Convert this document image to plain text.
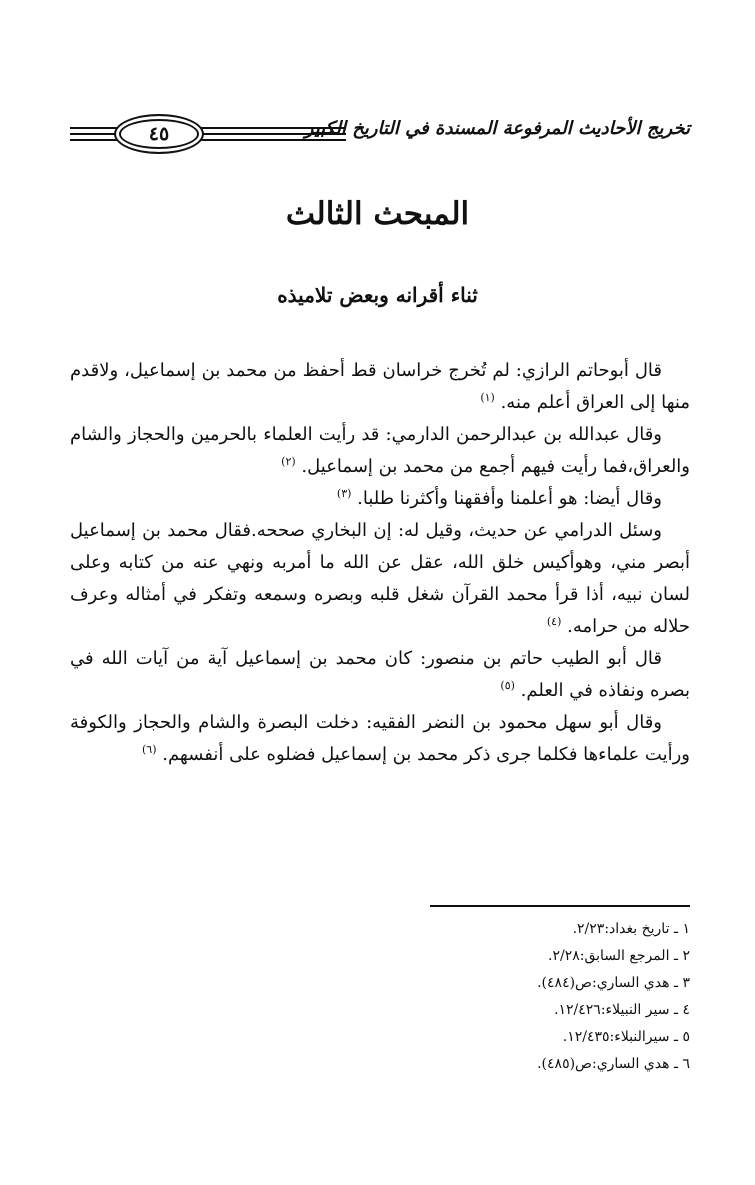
٤٥	تخريج الأحاديث المرفوعة المسندة في التاريخ الكبير
المبحث الثالث
ثناء أقرانه وبعض تلاميذه

قال أبوحاتم الرازي: لم تُخرج خراسان قط أحفظ من محمد بن إسماعيل، ولاقدم منها إلى العراق أعلم منه. $^{(١)}$

وقال عبدالله بن عبدالرحمن الدارمي: قد رأيت العلماء بالحرمين والحجاز والشام والعراق،فما رأيت فيهم أجمع من محمد بن إسماعيل. $^{(٢)}$

وقال أيضا: هو أعلمنا وأفقهنا وأكثرنا طلبا. $^{(٣)}$

وسئل الدرامي عن حديث، وقيل له: إن البخاري صححه.فقال محمد بن إسماعيل أبصر مني، وهوأكيس خلق الله، عقل عن الله ما أمربه ونهي عنه من كتابه وعلى لسان نبيه، أذا قرأ محمد القرآن شغل قلبه وبصره وسمعه وتفكر في أمثاله وعرف حلاله من حرامه. $^{(٤)}$

قال أبو الطيب حاتم بن منصور: كان محمد بن إسماعيل آية من آيات الله في بصره ونفاذه في العلم. $^{(٥)}$

وقال أبو سهل محمود بن النضر الفقيه: دخلت البصرة والشام والحجاز والكوفة ورأيت علماءها فكلما جرى ذكر محمد بن إسماعيل فضلوه على أنفسهم. $^{(٦)}$

١ ـ تاريخ بغداد:٢/٢٣.
٢ ـ المرجع السابق:٢/٢٨.
٣ ـ هدي الساري:ص(٤٨٤).
٤ ـ سير النبيلاء:١٢/٤٢٦.
٥ ـ سيرالنبلاء:١٢/٤٣٥.
٦ ـ هدي الساري:ص(٤٨٥).
